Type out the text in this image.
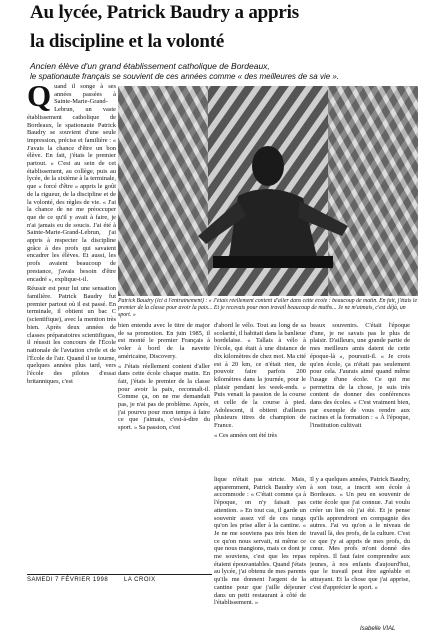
Au lycée, Patrick Baudry a appris
la discipline et la volonté
Ancien élève d'un grand établissement catholique de Bordeaux,
le spationaute français se souvient de ces années comme « des meilleures de sa vie ».
Q uand il songe à ses années passées à Sainte-Marie-Grand-Lebrun, un vaste établissement catholique de Bordeaux, le spationaute Patrick Baudry se souvient d'une seule impression, précise et familière : « J'avais la chance d'être un bon élève. En fait, j'étais le premier partout. » C'est au sein de cet établissement, au collège, puis au lycée, de la sixième à la terminale, que « forcé d'être » appris le goût de la rigueur, de la discipline et de la volonté, des règles de vie. « J'ai la chance de ne me préoccuper que de ce qu'il y avait à faire, je n'ai jamais eu de soucis. J'ai été à Sainte-Marie-Grand-Lebrun, j'ai appris à respecter la discipline grâce à des profs qui savaient encadrer les élèves. Et aussi, les profs avaient beaucoup de prestance, j'avais besoin d'être encadré », explique-t-il.

Réussir est pour lui une sensation familière. Patrick Baudry fut premier partout où il est passé. En terminale, il obtient un bac C (scientifique), avec la mention très bien. Après deux années de classes préparatoires scientifiques, il réussit les concours de l'École nationale de l'aviation civile et de l'École de l'air. Quand il se tourne, quelques années plus tard, vers l'école des pilotes d'essai britanniques, c'est

Patrick Baudry (ici à l'entraînement) : « J'étais réellement content d'aller dans cette école : beaucoup de matin. En fait, j'étais le premier de la classe pour avoir la paix... Et je recevais pour mon travail beaucoup de maths... Je ne m'aimais, c'est déjà, un sport. »

bien entendu avec le titre de major de sa promotion. En juin 1985, il est monté le premier Français à voler à bord de la navette américaine, Discovery.

« J'étais réellement content d'aller dans cette école chaque matin. En fait, j'étais le premier de la classe pour avoir la paix, reconnaît-il. Comme ça, on ne me demandait pas, je n'ai pas de problème. Après, j'ai pourvu pour mon temps à faire ce que j'aimais, c'est-à-dire du sport. » Sa passion, c'est

d'abord le vélo. Tout au long de sa scolarité, il habitait dans la banlieue bordelaise. « Tallais à vélo à l'école, qui était à une distance de dix kilomètres de chez moi. Ma cité est à 20 km, ce n'était rien, de pouvoir faire parfois 200 kilomètres dans la journée, pour le plaisir pendant les week-ends. » Puis venait la passion de la course et celle de la course à pied. Adolescent, il obtient d'ailleurs plusieurs titres de champion de France.

« Ces années ont été très

beaux souvenirs. C'était l'époque d'une, je ne savais pas le plus de plaisir. D'ailleurs, une grande partie de mes meilleurs amis datent de cette époque-là », poursuit-il. « Je crois qu'en école, ça n'était pas seulement pour cela. J'aurais aimé quand même l'usage d'une école. Ce qui me permettra de la chose, je suis très content de donner des conférences dans des écoles. « C'est vraiment bien, par exemple de vous rendre aux racines et la formation : « À l'époque, l'institution cultivait

SAMEDI 7 FÉVRIER 1998	LA CROIX

lique n'était pas stricte. Mais, apparemment, Patrick Baudry s'en accommode : « C'était comme ça à l'époque, on n'y faisait pas attention. » En tout cas, il garde un souvenir assez vif de ces rangs qu'on les prise aller à la cantine. « Je ne me souviens pas très bien de ce qu'on nous servait, ni même ce que nous mangions, mais ce dont je me souviens, c'est que les repas étaient épouvantables. Quand j'étais au lycée, j'ai obtenu de mes parents qu'ils me donnent l'argent de la cantine pour que j'aille déjeuner dans un petit restaurant à côté de l'établissement. »

Il y a quelques années, Patrick Baudry, à son tour, a inscrit son école à Bordeaux. « Un peu en souvenir de cette école que j'ai connue. J'ai voulu créer un lien où j'ai été. Et je pense qu'ils apprendront en compagnie des autres. J'ai vu qu'on a le niveau de travail là, des profs, de la culture. C'est ce que j'y ai appris de mes profs, du cœur. Mes profs m'ont donné des repères. Il faut faire comprendre aux jeunes, à nos enfants d'aujourd'hui, que le travail peut être agréable et attrayant. Et la chose que j'ai apprise, c'est d'apprécier le sport. »

Isabelle VIAL
